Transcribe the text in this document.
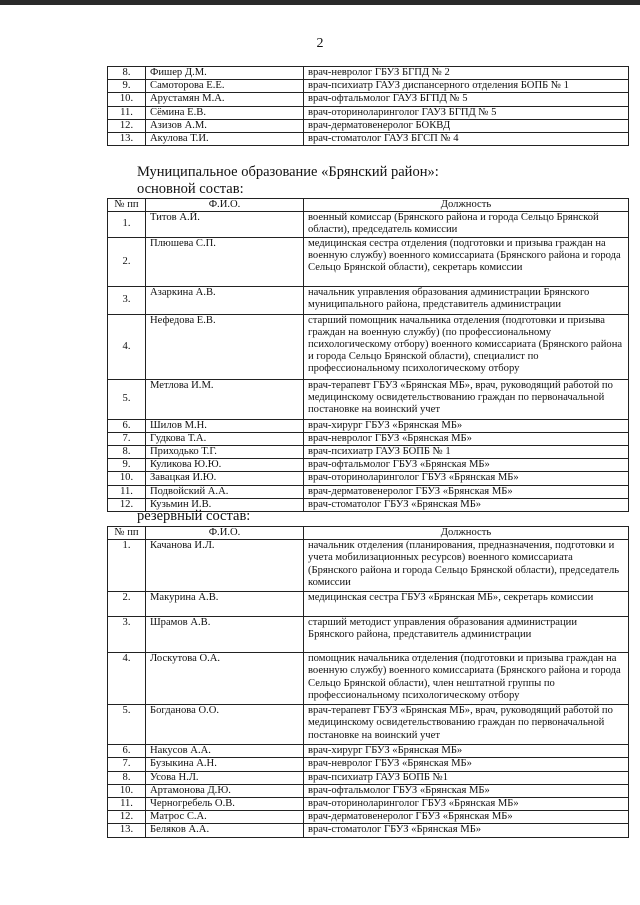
2
8.	Фишер Д.М.	врач-невролог ГБУЗ БГПД № 2
9.	Самоторова Е.Е.	врач-психиатр ГАУЗ диспансерного отделения БОПБ № 1
10.	Арустамян М.А.	врач-офтальмолог ГАУЗ БГПД № 5
11.	Сёмина Е.В.	врач-оториноларинголог ГАУЗ БГПД № 5
12.	Азизов А.М.	врач-дерматовенеролог БОКВД
13.	Акулова Т.И.	врач-стоматолог ГАУЗ БГСП № 4
Муниципальное образование «Брянский район»:
основной состав:
№ пп	Ф.И.О.	Должность
1.	Титов А.Й.	военный комиссар (Брянского района и города Сельцо Брянской области), председатель комиссии
2.	Плюшева С.П.	медицинская сестра отделения (подготовки и призыва граждан на военную службу) военного комиссариата (Брянского района и города Сельцо Брянской области), секретарь комиссии
3.	Азаркина А.В.	начальник управления образования администрации Брянского муниципального района, представитель администрации
4.	Нефедова Е.В.	старший помощник начальника отделения (подготовки и призыва граждан на военную службу) (по профессиональному психологическому отбору) военного комиссариата (Брянского района и города Сельцо Брянской области), специалист по профессиональному психологическому отбору
5.	Метлова И.М.	врач-терапевт ГБУЗ «Брянская МБ», врач, руководящий работой по медицинскому освидетельствованию граждан по первоначальной постановке на воинский учет
6.	Шилов М.Н.	врач-хирург ГБУЗ «Брянская МБ»
7.	Гудкова Т.А.	врач-невролог ГБУЗ «Брянская МБ»
8.	Приходько Т.Г.	врач-психиатр ГАУЗ БОПБ № 1
9.	Куликова Ю.Ю.	врач-офтальмолог ГБУЗ «Брянская МБ»
10.	Завацкая И.Ю.	врач-оториноларинголог ГБУЗ «Брянская МБ»
11.	Подвойский А.А.	врач-дерматовенеролог ГБУЗ «Брянская МБ»
12.	Кузьмин И.В.	врач-стоматолог ГБУЗ «Брянская МБ»
резервный состав:
№ пп	Ф.И.О.	Должность
1.	Качанова И.Л.	начальник отделения (планирования, предназначения, подготовки и учета мобилизационных ресурсов) военного комиссариата (Брянского района и города Сельцо Брянской области), председатель комиссии
2.	Макурина А.В.	медицинская сестра ГБУЗ «Брянская МБ», секретарь комиссии
3.	Шрамов А.В.	старший методист управления образования администрации Брянского района, представитель администрации
4.	Лоскутова О.А.	помощник начальника отделения (подготовки и призыва граждан на военную службу) военного комиссариата (Брянского района и города Сельцо Брянской области), член нештатной группы по профессиональному психологическому отбору
5.	Богданова О.О.	врач-терапевт ГБУЗ «Брянская МБ», врач, руководящий работой по медицинскому освидетельствованию граждан по первоначальной постановке на воинский учет
6.	Накусов А.А.	врач-хирург ГБУЗ «Брянская МБ»
7.	Бузыкина А.Н.	врач-невролог ГБУЗ «Брянская МБ»
8.	Усова Н.Л.	врач-психиатр ГАУЗ БОПБ №1
10.	Артамонова Д.Ю.	врач-офтальмолог ГБУЗ «Брянская МБ»
11.	Черногребель О.В.	врач-оториноларинголог ГБУЗ «Брянская МБ»
12.	Матрос С.А.	врач-дерматовенеролог ГБУЗ «Брянская МБ»
13.	Беляков А.А.	врач-стоматолог ГБУЗ «Брянская МБ»
